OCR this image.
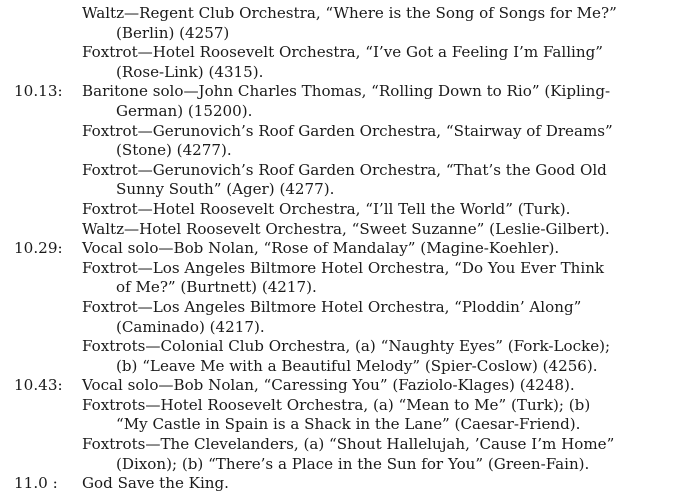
Waltz—Regent Club Orchestra, “Where is the Song of Songs for Me?”
(Berlin) (4257)
Foxtrot—Hotel Roosevelt Orchestra, “I’ve Got a Feeling I’m Falling”
(Rose-Link) (4315).
10.13:	Baritone solo—John Charles Thomas, “Rolling Down to Rio” (Kipling-
German) (15200).
Foxtrot—Gerunovich’s Roof Garden Orchestra, “Stairway of Dreams”
(Stone) (4277).
Foxtrot—Gerunovich’s Roof Garden Orchestra, “That’s the Good Old
Sunny South” (Ager) (4277).
Foxtrot—Hotel Roosevelt Orchestra, “I’ll Tell the World” (Turk).
Waltz—Hotel Roosevelt Orchestra, “Sweet Suzanne” (Leslie-Gilbert).
10.29:	Vocal solo—Bob Nolan, “Rose of Mandalay” (Magine-Koehler).
Foxtrot—Los Angeles Biltmore Hotel Orchestra, “Do You Ever Think
of Me?” (Burtnett) (4217).
Foxtrot—Los Angeles Biltmore Hotel Orchestra, “Ploddin’ Along”
(Caminado) (4217).
Foxtrots—Colonial Club Orchestra, (a) “Naughty Eyes” (Fork-Locke);
(b) “Leave Me with a Beautiful Melody” (Spier-Coslow) (4256).
10.43:	Vocal solo—Bob Nolan, “Caressing You” (Faziolo-Klages) (4248).
Foxtrots—Hotel Roosevelt Orchestra, (a) “Mean to Me” (Turk); (b)
“My Castle in Spain is a Shack in the Lane” (Caesar-Friend).
Foxtrots—The Clevelanders, (a) “Shout Hallelujah, ’Cause I’m Home”
(Dixon); (b) “There’s a Place in the Sun for You” (Green-Fain).
11.0 :	God Save the King.
